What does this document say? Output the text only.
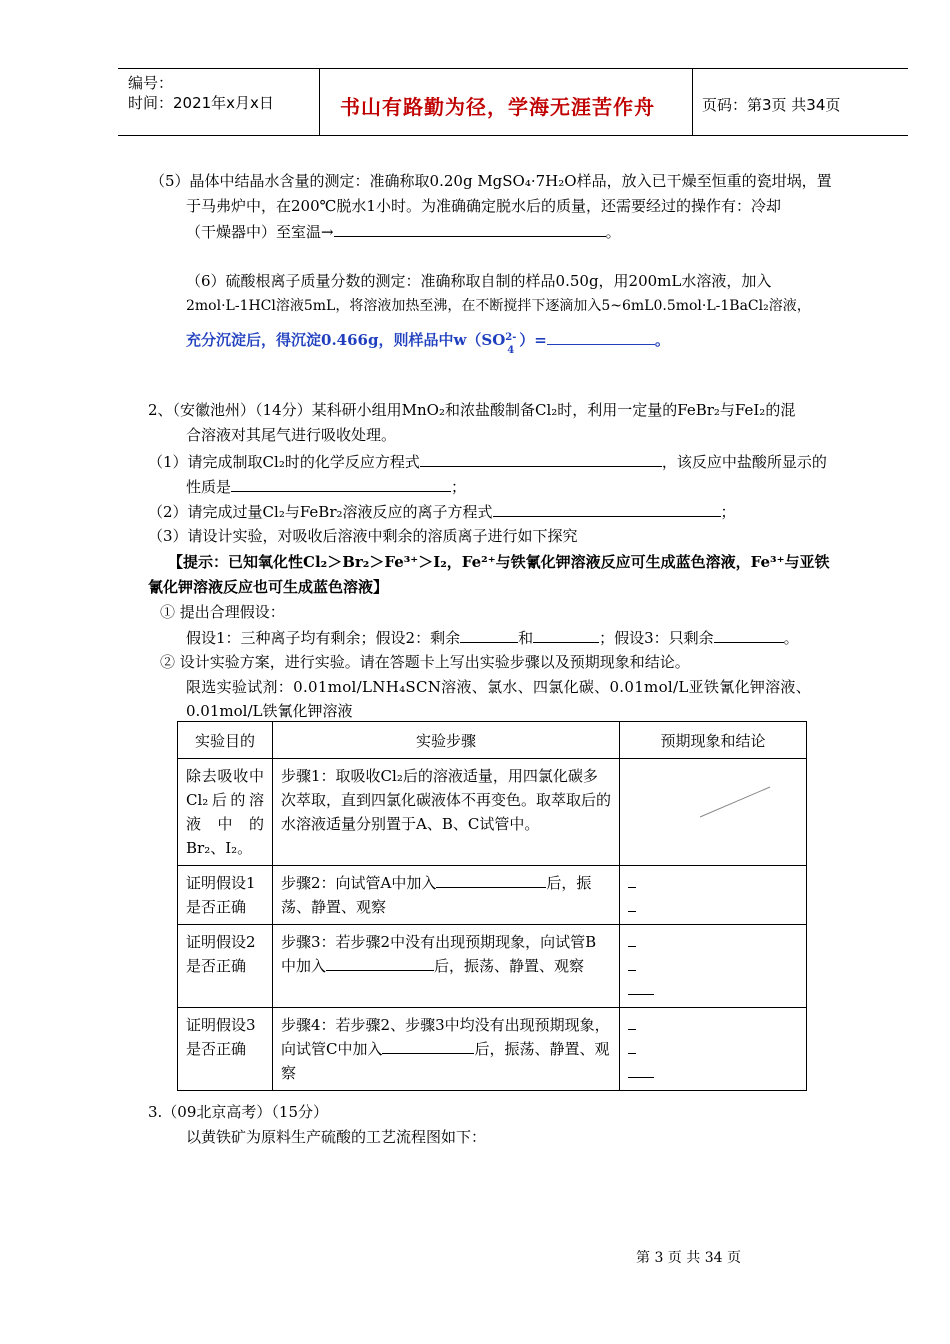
编号：
时间：2021年x月x日	书山有路勤为径，学海无涯苦作舟	页码：第3页 共34页
（5）晶体中结晶水含量的测定：准确称取0.20g MgSO₄·7H₂O样品，放入已干燥至恒重的瓷坩埚，置
于马弗炉中，在200℃脱水1小时。为准确确定脱水后的质量，还需要经过的操作有：冷却
（干燥器中）至室温→	。
（6）硫酸根离子质量分数的测定：准确称取自制的样品0.50g，用200mL水溶液，加入
2mol·L-1HCl溶液5mL，将溶液加热至沸，在不断搅拌下逐滴加入5~6mL0.5mol·L-1BaCl₂溶液，
充分沉淀后，得沉淀0.466g，则样品中w（SO 2-
4
）=	。
2、（安徽池州）（14分）某科研小组用MnO₂和浓盐酸制备Cl₂时，利用一定量的FeBr₂与FeI₂的混
合溶液对其尾气进行吸收处理。
（1）请完成制取Cl₂时的化学反应方程式	，该反应中盐酸所显示的
性质是	；
（2）请完成过量Cl₂与FeBr₂溶液反应的离子方程式	；
（3）请设计实验，对吸收后溶液中剩余的溶质离子进行如下探究
【提示：已知氧化性Cl₂＞Br₂＞Fe³⁺＞I₂，Fe²⁺与铁氰化钾溶液反应可生成蓝色溶液，Fe³⁺与亚铁
氰化钾溶液反应也可生成蓝色溶液】
① 提出合理假设：
假设1：三种离子均有剩余；假设2：剩余	和	；假设3：只剩余	。
② 设计实验方案，进行实验。请在答题卡上写出实验步骤以及预期现象和结论。
限选实验试剂：0.01mol/LNH₄SCN溶液、氯水、四氯化碳、0.01mol/L亚铁氰化钾溶液、
0.01mol/L铁氰化钾溶液
实验目的	实验步骤	预期现象和结论
除去吸收中Cl₂后的溶液中的Br₂、I₂。	步骤1：取吸收Cl₂后的溶液适量，用四氯化碳多次萃取，直到四氯化碳液体不再变色。取萃取后的水溶液适量分别置于A、B、C试管中。	

证明假设1是否正确	步骤2：向试管A中加入 后，振荡、静置、观察	

证明假设2是否正确	步骤3：若步骤2中没有出现预期现象，向试管B中加入 后，振荡、静置、观察	

证明假设3是否正确	步骤4：若步骤2、步骤3中均没有出现预期现象，向试管C中加入 后，振荡、静置、观察	
3.（09北京高考）（15分）
以黄铁矿为原料生产硫酸的工艺流程图如下：
第 3 页 共 34 页
